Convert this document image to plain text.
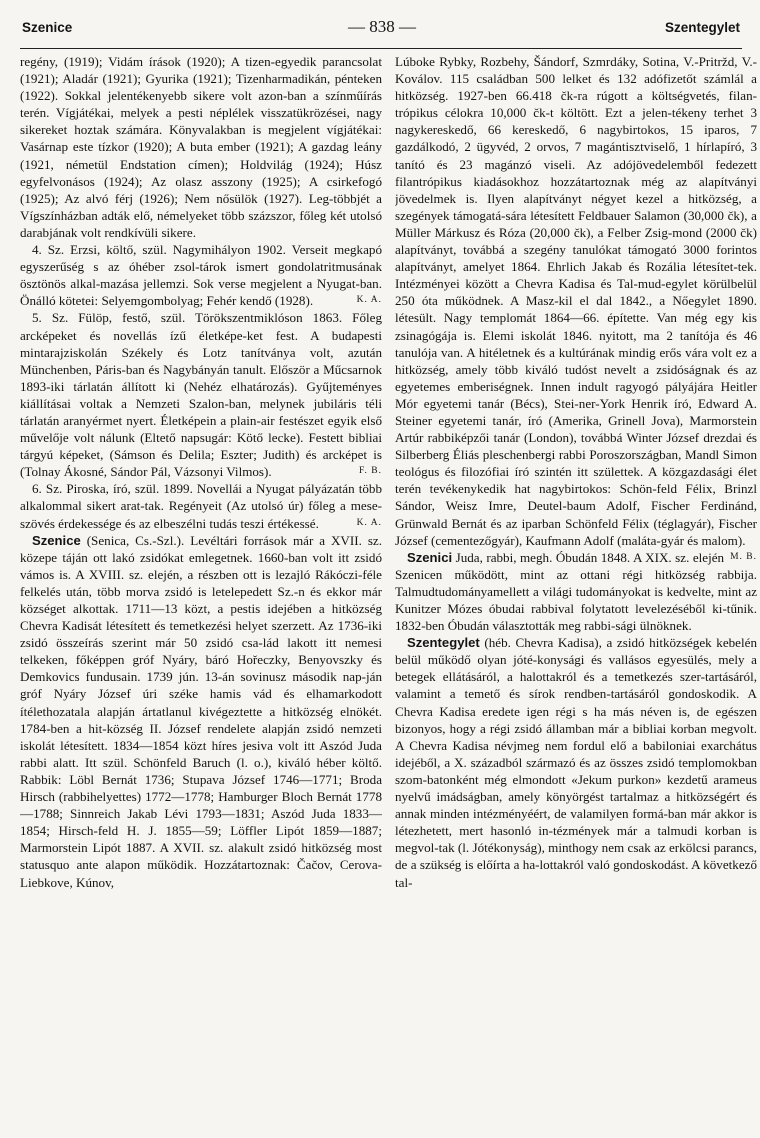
Szenice	— 838 —	Szentegylet

regény, (1919); Vidám írások (1920); A tizen-egyedik parancsolat (1921); Aladár (1921); Gyurika (1921); Tizenharmadikán, pénteken (1922). Sokkal jelentékenyebb sikere volt azon-ban a színműírás terén. Vígjátékai, melyek a pesti néplélek visszatükrözései, nagy sikereket hoztak számára. Könyvalakban is megjelent vígjátékai: Vasárnap este tízkor (1920); A buta ember (1921); A gazdag leány (1921, németül Endstation címen); Holdvilág (1924); Húsz egyfelvonásos (1924); Az olasz asszony (1925); A csirkefogó (1925); Az alvó férj (1926); Nem nősülök (1927). Leg-többjét a Vígszínházban adták elő, némelyeket több százszor, főleg két utolsó darabjának volt rendkívüli sikere.

4. Sz. Erzsi, költő, szül. Nagymihályon 1902. Verseit megkapó egyszerűség s az óhéber zsol-tárok ismert gondolatritmusának ösztönös alkal-mazása jellemzi. Sok verse megjelent a Nyugat-ban. Önálló kötetei: Selyemgombolyag; Fehér kendő (1928).	K. A.

5. Sz. Fülöp, festő, szül. Törökszentmiklóson 1863. Főleg arcképeket és novellás ízű életképe-ket fest. A budapesti mintarajziskolán Székely és Lotz tanítványa volt, azután Münchenben, Páris-ban és Nagybányán tanult. Először a Műcsarnok 1893-iki tárlatán állított ki (Nehéz elhatározás). Gyűjteményes kiállításai voltak a Nemzeti Szalon-ban, melynek jubiláris téli tárlatán aranyérmet nyert. Életképein a plain-air festészet egyik első művelője volt nálunk (Eltető napsugár: Kötő lecke). Festett bibliai tárgyú képeket, (Sámson és Delila; Eszter; Judith) és arcképet is (Tolnay Ákosné, Sándor Pál, Vázsonyi Vilmos).	F. B.

6. Sz. Piroska, író, szül. 1899. Novellái a Nyugat pályázatán több alkalommal sikert arat-tak. Regényeit (Az utolsó úr) főleg a mese-szövés érdekessége és az elbeszélni tudás teszi értékessé.	K. A.

Szenice (Senica, Cs.-Szl.). Levéltári források már a XVII. sz. közepe táján ott lakó zsidókat emlegetnek. 1660-ban volt itt zsidó vámos is. A XVIII. sz. elején, a részben ott is lezajló Rákóczi-féle felkelés után, több morva zsidó is letelepedett Sz.-n és ekkor már községet alkottak. 1711—13 közt, a pestis idejében a hitközség Chevra Kadisát létesített és temetkezési helyet szerzett. Az 1736-iki zsidó összeírás szerint már 50 zsidó csa-lád lakott itt nemesi telkeken, főképpen gróf Nyáry, báró Hořeczky, Benyovszky és Demkovics fundusain. 1739 jún. 13-án sovinusz második nap-ján gróf Nyáry József úri széke hamis vád és elhamarkodott ítélethozatala alapján ártatlanul kivégeztette a hitközség elnökét. 1784-ben a hit-község II. József rendelete alapján zsidó nemzeti iskolát létesített. 1834—1854 közt híres jesiva volt itt Aszód Juda rabbi alatt. Itt szül. Schönfeld Baruch (l. o.), kiváló héber költő. Rabbik: Löbl Bernát 1736; Stupava József 1746—1771; Broda Hirsch (rabbihelyettes) 1772—1778; Hamburger Bloch Bernát 1778—1788; Sinnreich Jakab Lévi 1793—1831; Aszód Juda 1833—1854; Hirsch-feld H. J. 1855—59; Löffler Lipót 1859—1887; Marmorstein Lipót 1887. A XVII. sz. alakult zsidó hitközség most statusquo ante alapon működik. Hozzátartoznak: Čačov, Cerova-Liebkove, Kúnov,

Lúboke Rybky, Rozbehy, Šándorf, Szmrdáky, Sotina, V.-Pritržd, V.-Koválov. 115 családban 500 lelket és 132 adófizetőt számlál a hitközség. 1927-ben 66.418 čk-ra rúgott a költségvetés, filan-trópikus célokra 10,000 čk-t költött. Ezt a jelen-tékeny terhet 3 nagykereskedő, 66 kereskedő, 6 nagybirtokos, 15 iparos, 7 gazdálkodó, 2 ügyvéd, 2 orvos, 7 magántisztviselő, 1 hírlapíró, 3 tanító és 23 magánzó viseli. Az adójövedelemből fedezett filantrópikus kiadásokhoz hozzátartoznak még az alapítványi jövedelmek is. Ilyen alapítványt négyet kezel a hitközség, a szegények támogatá-sára létesített Feldbauer Salamon (30,000 čk), a Müller Márkusz és Róza (20,000 čk), a Felber Zsig-mond (2000 čk) alapítványt, továbbá a szegény tanulókat támogató 3000 forintos alapítványt, amelyet 1864. Ehrlich Jakab és Rozália létesítet-tek. Intézményei között a Chevra Kadisa és Tal-mud-egylet körülbelül 250 óta működnek. A Masz-kil el dal 1842., a Nőegylet 1890. létesült. Nagy templomát 1864—66. építette. Van még egy kis zsinagógája is. Elemi iskolát 1846. nyitott, ma 2 tanítója és 46 tanulója van. A hitéletnek és a kultúrának mindig erős vára volt ez a hitközség, amely több kiváló tudóst nevelt a zsidóságnak és az egyetemes emberiségnek. Innen indult ragyogó pályájára Heitler Mór egyetemi tanár (Bécs), Stei-ner-York Henrik író, Edward A. Steiner egyetemi tanár, író (Amerika, Grinell Jova), Marmorstein Artúr rabbiképzői tanár (London), továbbá Winter József drezdai és Silberberg Éliás pleschenbergi rabbi Poroszországban, Mandl Simon teológus és filozófiai író szintén itt születtek. A közgazdasági élet terén tevékenykedik hat nagybirtokos: Schön-feld Félix, Brinzl Sándor, Weisz Imre, Deutel-baum Adolf, Fischer Ferdinánd, Grünwald Bernát és az iparban Schönfeld Félix (téglagyár), Fischer József (cementezőgyár), Kaufmann Adolf (maláta-gyár és malom).
M. B.

Szenici Juda, rabbi, megh. Óbudán 1848. A XIX. sz. elején Szenicen működött, mint az ottani régi hitközség rabbija. Talmudtudományamellett a világi tudományokat is kedvelte, mint az Kunitzer Mózes óbudai rabbival folytatott levelezéséből ki-tűnik. 1832-ben Óbudán választották meg rabbi-sági ülnöknek.

Szentegylet (héb. Chevra Kadisa), a zsidó hitközségek kebelén belül működő olyan jóté-konysági és vallásos egyesülés, mely a betegek ellátásáról, a halottakról és a temetkezés szer-tartásáról, valamint a temető és sírok rendben-tartásáról gondoskodik. A Chevra Kadisa eredete igen régi s ha más néven is, de egészen bizonyos, hogy a régi zsidó államban már a bibliai korban megvolt. A Chevra Kadisa névjmeg nem fordul elő a babiloniai exarchátus idejéből, a X. századból származó és az összes zsidó templomokban szom-batonként még elmondott «Jekum purkon» kezdetű arameus nyelvű imádságban, amely könyörgést tartalmaz a hitközségért és annak minden intézményéért, de valamilyen formá-ban már akkor is létezhetett, mert hasonló in-tézmények már a talmudi korban is megvol-tak (l. Jótékonyság), minthogy nem csak az erkölcsi parancs, de a szükség is előírta a ha-lottakról való gondoskodást. A következő tal-
